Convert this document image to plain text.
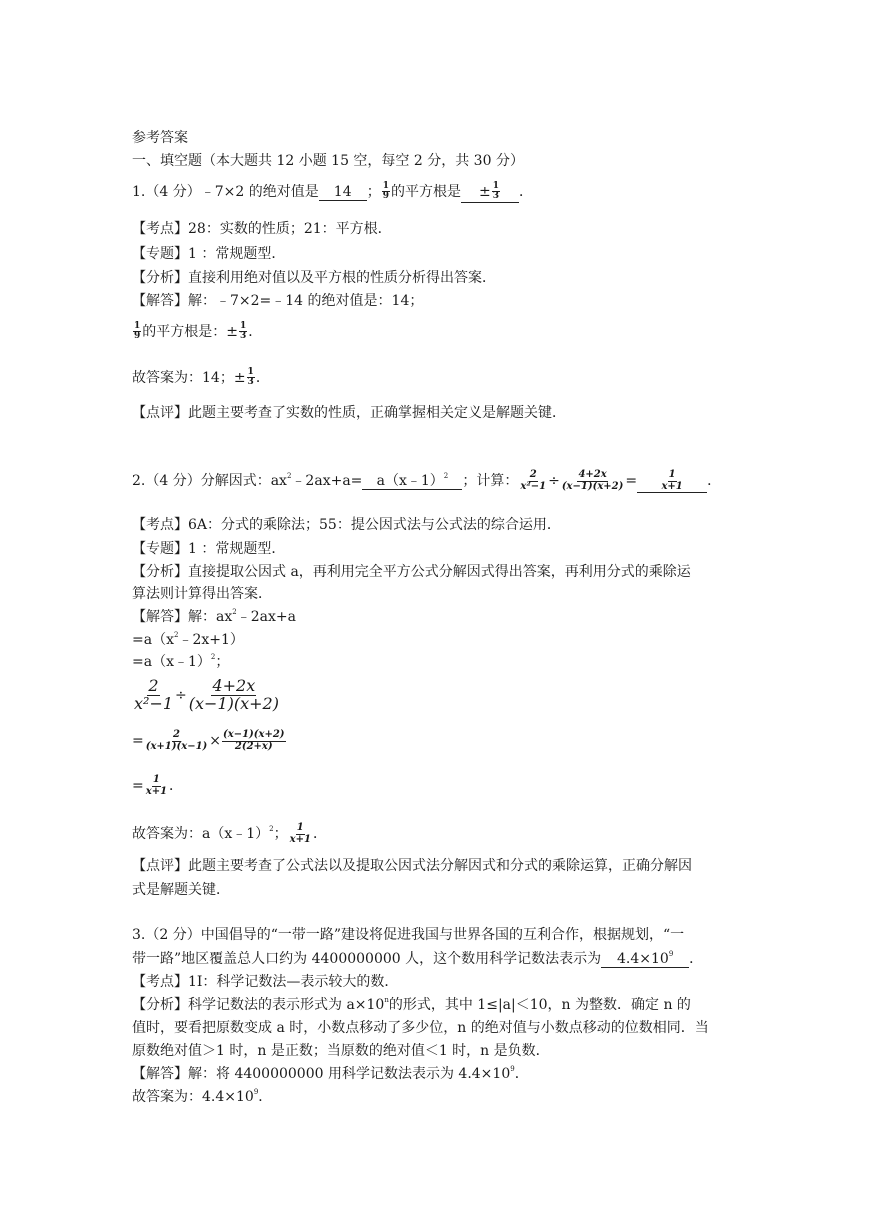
参考答案
一、填空题（本大题共 12 小题 15 空，每空 2 分，共 30 分）
1.（4 分）﹣7×2 的绝对值是 14 ； $\frac{1}{9}$ 的平方根是 ± $\frac{1}{3}$ ．
【考点】28：实数的性质；21：平方根．
【专题】1 ：常规题型．
【分析】直接利用绝对值以及平方根的性质分析得出答案．
【解答】解：﹣7×2=﹣14 的绝对值是：14；
$\frac{1}{9}$ 的平方根是：± $\frac{1}{3}$ ．
故答案为：14；± $\frac{1}{3}$ ．
【点评】此题主要考查了实数的性质，正确掌握相关定义是解题关键．
2.（4 分）分解因式：$ax^2﹣2ax+a=$ a（x﹣1）$^2$ ；计算： $\frac{2}{\text{x²−1}} \div \frac{4+2x}{(x-1)(x+2)} = \frac{1}{x+1}$ ．
【考点】6A：分式的乘除法；55：提公因式法与公式法的综合运用．
【专题】1 ：常规题型．
【分析】直接提取公因式 a，再利用完全平方公式分解因式得出答案，再利用分式的乘除运
算法则计算得出答案．
【解答】解：$ax^2﹣2ax+a$
$=a(x^2﹣2x+1)$
=a（x﹣1）$^2$；
$\frac{2}{\text{x²−1}} \div \frac{4+2x}{(x-1)(x+2)}$
= $\frac{2}{(x+1)(x-1)} \times \frac{(x-1)(x+2)}{2(2+x)}$
= $\frac{1}{x+1}$ ．
故答案为：a（x﹣1）$^2$； $\frac{1}{x+1}$ ．
【点评】此题主要考查了公式法以及提取公因式法分解因式和分式的乘除运算，正确分解因
式是解题关键．
3.（2 分）中国倡导的“一带一路”建设将促进我国与世界各国的互利合作，根据规划，“一
带一路”地区覆盖总人口约为 4400000000 人，这个数用科学记数法表示为 $4.4\times 10^9$ ．
【考点】1I：科学记数法—表示较大的数．
【分析】科学记数法的表示形式为 $a\times 10^n$的形式，其中 1≤|a|＜10，n 为整数．确定 n 的
值时，要看把原数变成 a 时，小数点移动了多少位，n 的绝对值与小数点移动的位数相同．当
原数绝对值＞1 时，n 是正数；当原数的绝对值＜1 时，n 是负数．
【解答】解：将 4400000000 用科学记数法表示为 $4.4\times 10^9$．
故答案为：$4.4\times 10^9$．
